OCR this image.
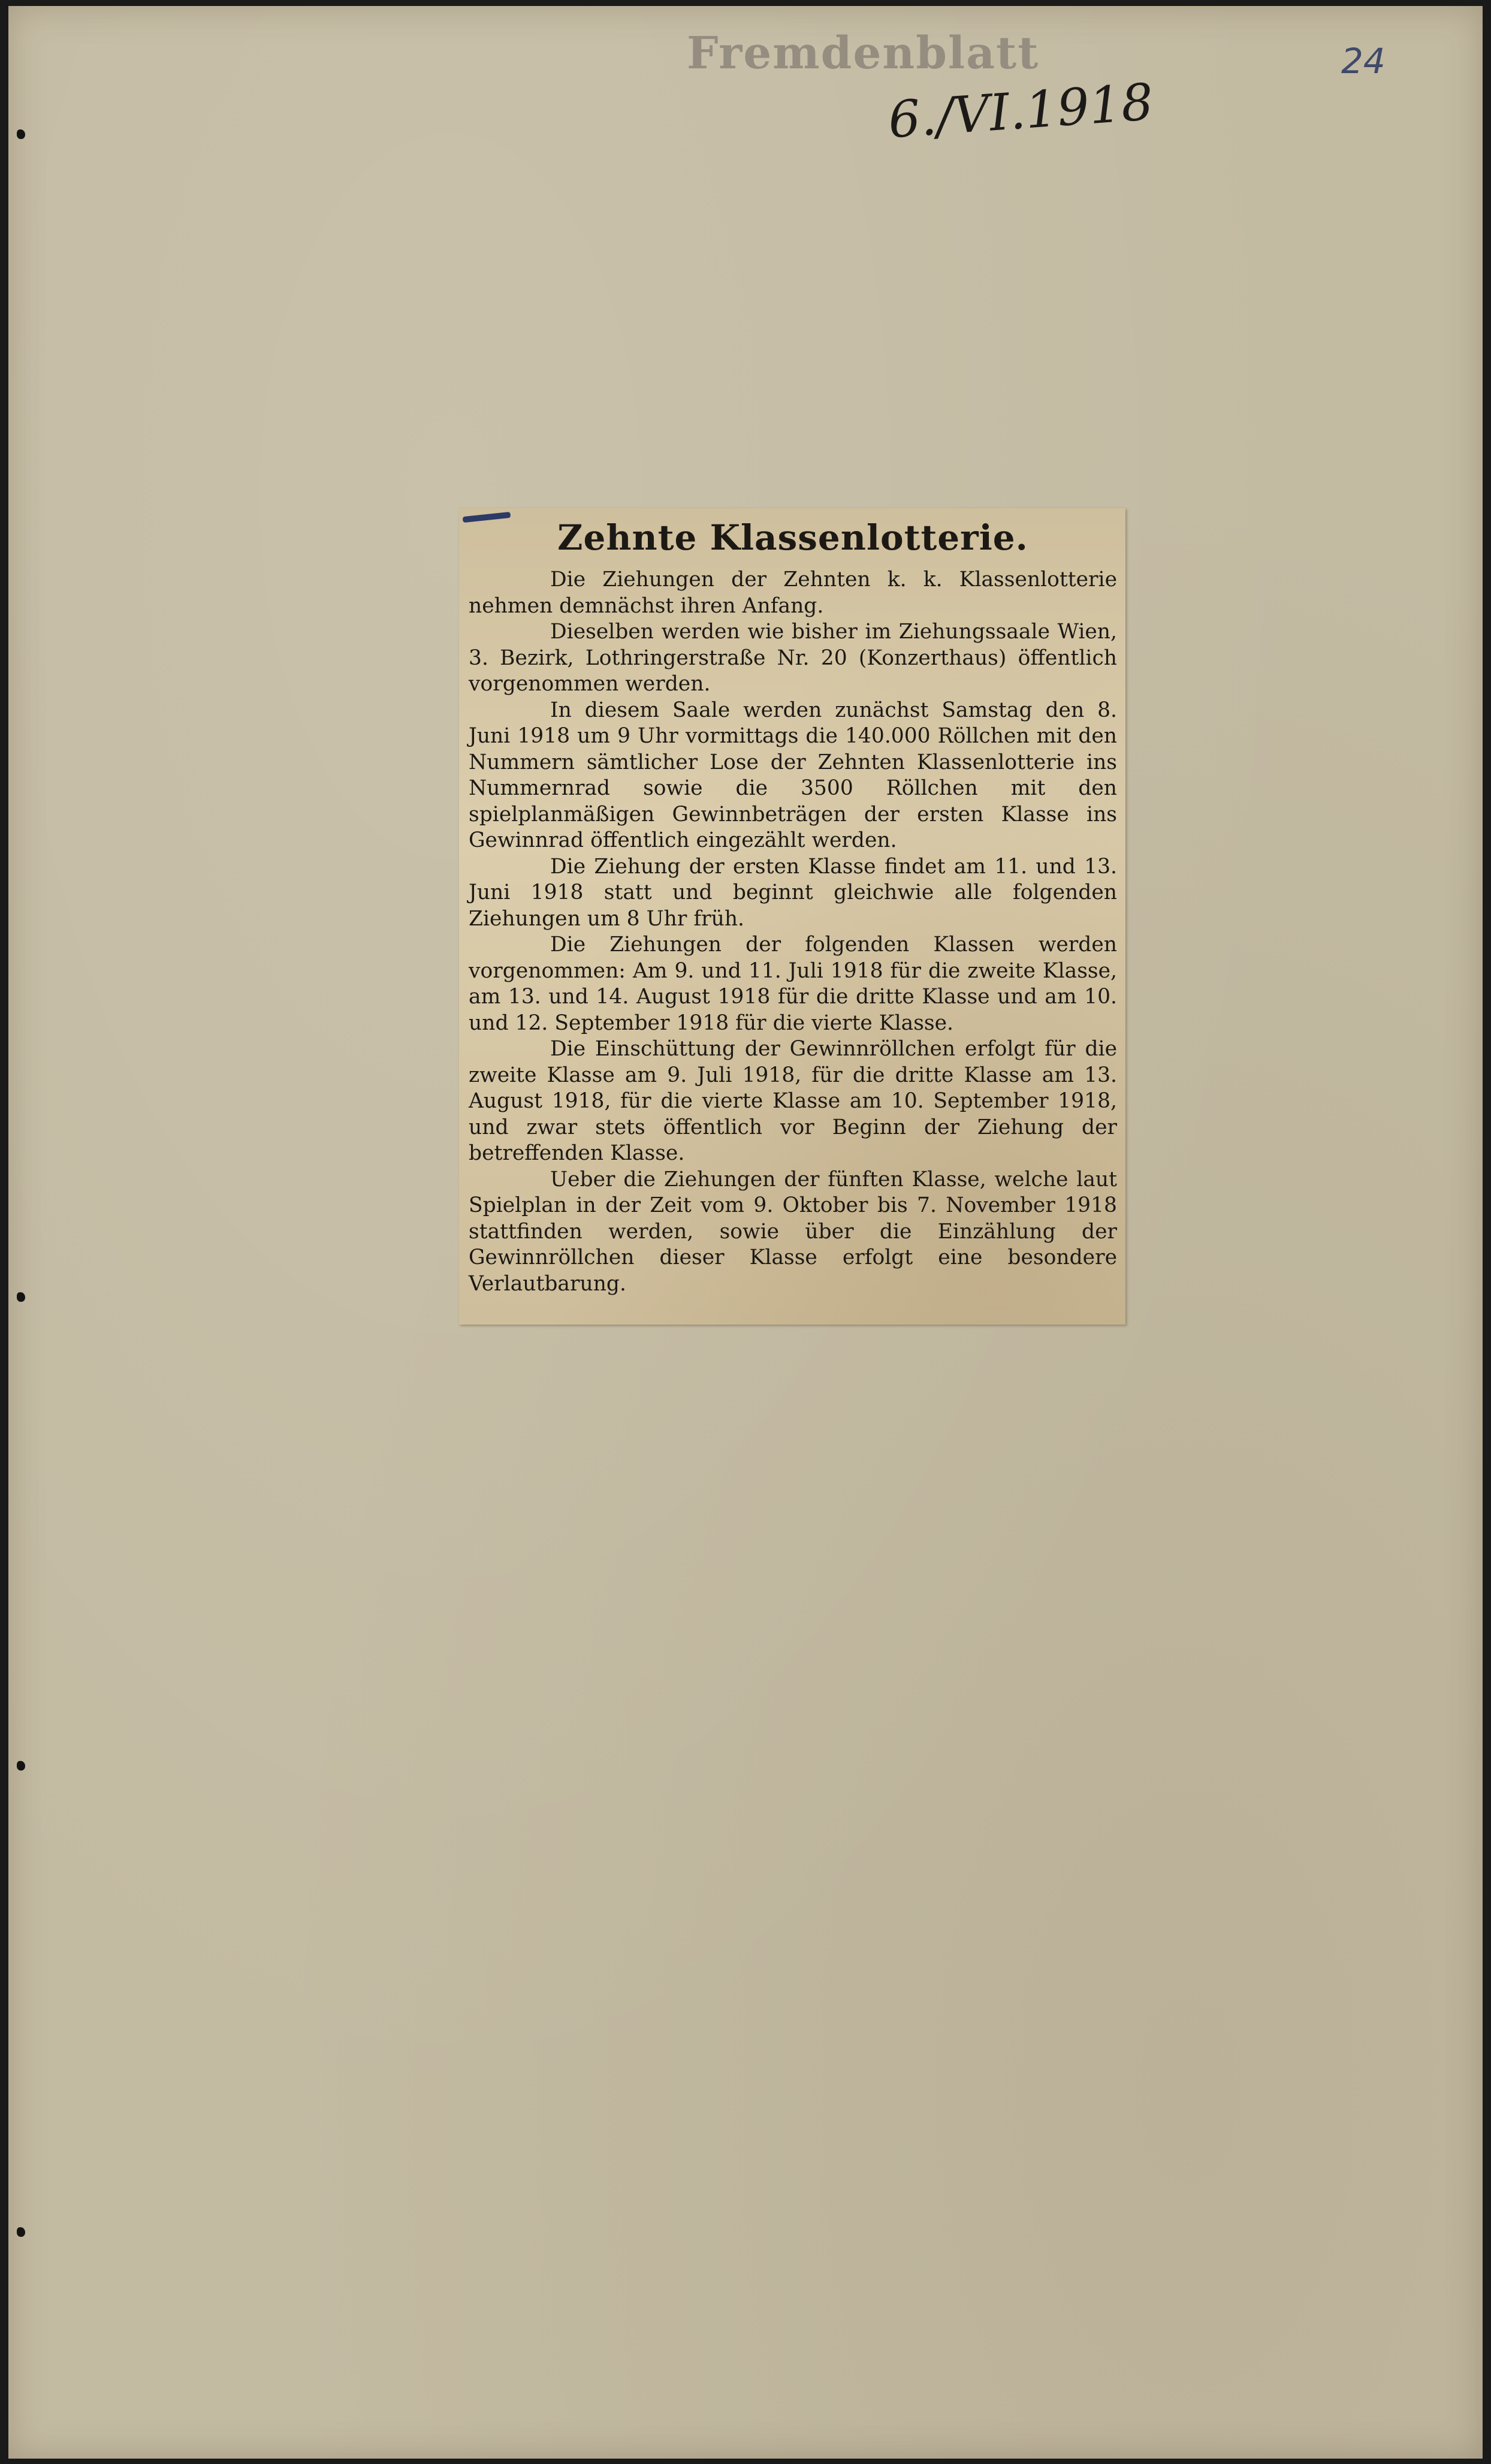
Fremdenblatt
6./VI.1918
24
Zehnte Klassenlotterie.

Die Ziehungen der Zehnten k. k. Klassenlotterie nehmen demnächst ihren Anfang.

Dieselben werden wie bisher im Ziehungssaale Wien, 3. Bezirk, Lothringerstraße Nr. 20 (Konzerthaus) öffentlich vorgenommen werden.

In diesem Saale werden zunächst Samstag den 8. Juni 1918 um 9 Uhr vormittags die 140.000 Röllchen mit den Nummern sämtlicher Lose der Zehnten Klassenlotterie ins Nummernrad sowie die 3500 Röllchen mit den spielplanmäßigen Gewinnbeträgen der ersten Klasse ins Gewinnrad öffentlich eingezählt werden.

Die Ziehung der ersten Klasse findet am 11. und 13. Juni 1918 statt und beginnt gleichwie alle folgenden Ziehungen um 8 Uhr früh.

Die Ziehungen der folgenden Klassen werden vorgenommen: Am 9. und 11. Juli 1918 für die zweite Klasse, am 13. und 14. August 1918 für die dritte Klasse und am 10. und 12. September 1918 für die vierte Klasse.

Die Einschüttung der Gewinnröllchen erfolgt für die zweite Klasse am 9. Juli 1918, für die dritte Klasse am 13. August 1918, für die vierte Klasse am 10. September 1918, und zwar stets öffentlich vor Beginn der Ziehung der betreffenden Klasse.

Ueber die Ziehungen der fünften Klasse, welche laut Spielplan in der Zeit vom 9. Oktober bis 7. November 1918 stattfinden werden, sowie über die Einzählung der Gewinnröllchen dieser Klasse erfolgt eine besondere Verlautbarung.
